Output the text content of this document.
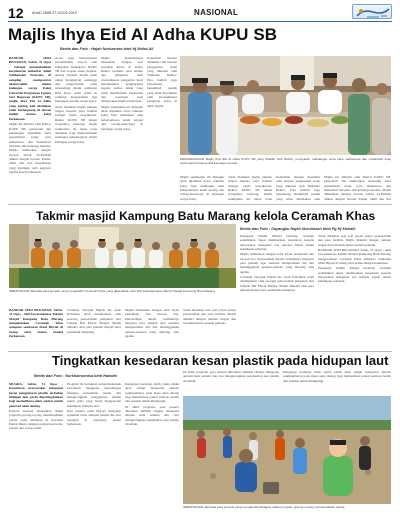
12 AHAD 18HB 27 OGOS 2019	NASIONAL
Majlis Ihya Eid Al Adha KUPU SB
Berita dan Foto : Hajah Norhazrina binti Hj Mohd Ali

BANDAR SERI BEGAWAN, Sabtu, 31 Ogos - Sebagai menambahkan kesyukuran kehadrat Allah Subhanahu Wata'ala, di samping mempererat silaturrahim dalam kalangan warga Kolej Universiti Perguruan Ugama Seri Begawan (KUPU SB), majlis Ihya Eid Al Adha yang julung kali diadakan telah berlangsung di dewan kuliah utama kolej berkenaan.

Majlis ini dihadiri oleh Rektor KUPU SB, pensyarah dan kakitangan akademik serta pentadbiran kolej, para mahasiswa dan mahasiswi bersama ahli keluarga mereka. Majlis dimulakan dengan bacaan Surah Al-Fatihah diikuti dengan bacaan Yassin, tahlil dan doa kesyukuran yang dipimpin oleh pegawai ugama kolej berkenaan.

Acara juga menyaksikan persembahan nasyid oleh kumpulan mahasiswa KUPU SB dan ucapan aluan ringkas. Antara objektif majlis ialah untuk menghayati semangat dan pengorbanan yang terkandung dalam sambutan Hari Raya Aidil Adha di samping mengeratkan lagi hubungan sesama warga kolej.

Turut diadakan majlis jamuan ringan kepada para hadirin sebagai tanda kesyukuran. Rektor KUPU SB dalam ucapannya berharap majlis seumpama ini dapat terus diadakan bagi memperkukuh semangat kekeluargaan dalam kalangan warga kolej.

Majlis kemudiannya diteruskan dengan sesi beramah mesra di antara Rektor bersama para tetamu dan jemputan. Ahli jawatankuasa penganjur turut merakamkan penghargaan kepada semua pihak yang telah memberikan kerjasama dan sokongan bagi menjayakan majlis berkenaan.

Majlis seumpama ini dijangka akan dijadikan acara tahunan kolej bagi memupuk nilai kebersamaan, kasih sayang dan tolong-menolong di kalangan warga kolej.

Kehadiran mereka disambut oleh barisan pengurusan kolej yang diketuai oleh Timbalan Rektor. Para hadirin juga berpeluang menikmati juadah yang telah disediakan oleh jawatankuasa kebajikan kolej di akhir majlis.

PEMANDANGAN Majlis Ihya Eid Al Adha KUPU SB yang dihadiri oleh Rektor, pensyarah, kakitangan serta para mahasiswa dan mahasiswi kolej berkenaan bersama ahli keluarga mereka.

Majlis seumpama ini dijangka akan dijadikan acara tahunan kolej bagi memupuk nilai kebersamaan, kasih sayang dan tolong-menolong di kalangan warga kolej.

Turut diadakan majlis jamuan ringan kepada para hadirin sebagai tanda kesyukuran. Rektor KUPU SB dalam ucapannya berharap majlis seumpama ini dapat terus

Kehadiran mereka disambut oleh barisan pengurusan kolej yang diketuai oleh Timbalan Rektor. Para hadirin juga berpeluang menikmati juadah yang telah disediakan oleh

Majlis ini dihadiri oleh Rektor KUPU SB, pensyarah dan kakitangan akademik serta pentadbiran kolej, para mahasiswa dan mahasiswi bersama ahli keluarga mereka. Majlis dimulakan dengan bacaan Surah Al-Fatihah diikuti dengan bacaan Yassin, tahlil dan doa

Takmir masjid Kampung Batu Marang kelola Ceramah Khas
Berita dan Foto : Dayangku Hajah Nurulnisah binti Pg Hj Mahalil
SEBAHAGIAN daripada para jemaah yang menghadiri Ceramah Khas yang dikelolakan oleh Ahli Jawatankuasa Takmir Masjid Kampung Batu Marang.

BANDAR SERI BEGAWAN, Sabtu, 31 Ogos - Ahli Jawatankuasa Takmir Masjid Kampung Batu Marang mengelolakan Ceramah Khas sempena sambutan Maal Hijrah di ruang solat utama masjid berkenaan.

Ceramah bertajuk Hijrah Ke Arah Kebaikan telah disampaikan oleh seorang penceramah jemputan dari Jabatan Hal Ehwal Masjid. Majlis dihadiri oleh para jemaah masjid serta penduduk kampung.

Majlis dimulakan dengan solat Isyak berjemaah dan bacaan doa. Penceramah dalam ceramahnya menyeru para jemaah agar sentiasa memperbaiki diri dan meninggalkan perkara-perkara yang dilarang oleh agama.

Turut diadakan sesi soal jawab antara penceramah dan para hadirin. Majlis diakhiri dengan jamuan ringan dan beramah mesra sesama jemaah.

Pengerusi Takmir Masjid berharap ceramah sedemikian dapat memberikan kesedaran kepada masyarakat mengenai erti sebenar hijrah dalam kehidupan seharian.

Majlis dimulakan dengan solat Isyak berjemaah dan bacaan doa. Penceramah dalam ceramahnya menyeru para jemaah agar sentiasa memperbaiki diri dan meninggalkan perkara-perkara yang dilarang oleh agama.

Ceramah bertajuk Hijrah Ke Arah Kebaikan telah disampaikan oleh seorang penceramah jemputan dari Jabatan Hal Ehwal Masjid. Majlis dihadiri oleh para jemaah masjid serta penduduk kampung.

Turut diadakan sesi soal jawab antara penceramah dan para hadirin. Majlis diakhiri dengan jamuan ringan dan beramah mesra sesama jemaah.

BANDAR SERI BEGAWAN, Sabtu, 31 Ogos - Ahli Jawatankuasa Takmir Masjid Kampung Batu Marang mengelolakan Ceramah Khas sempena sambutan Maal Hijrah di ruang solat utama masjid berkenaan.

Pengerusi Takmir Masjid berharap ceramah sedemikian dapat memberikan kesedaran kepada masyarakat mengenai erti sebenar hijrah dalam kehidupan seharian.

Tingkatkan kesedaran kesan plastik pada hidupan laut
Berita dan Foto : Nurkhairunnisa binti Hamdin

MUARA, Sabtu, 31 Ogos - Kesedaran masyarakat mengenai kesan penggunaan plastik terhadap hidupan laut perlu dipertingkatkan bagi memelihara alam sekitar untuk generasi akan datang.

Perkara tersebut ditekankan dalam program gotong-royong membersihkan pantai yang diadakan di kawasan Pantai Muara dengan penyertaan belia, pelajar dan orang ramai.

Program ini bertujuan untuk memupuk kesedaran mengenai kepentingan menjaga kebersihan pantai dan mengurangkan penggunaan plastik sekali guna yang boleh mengancam kehidupan hidupan laut.

Para peserta telah berjaya mengutip sejumlah besar sampah plastik dan sisa buangan di sepanjang pantai berkenaan.

Penganjur berharap lebih ramai pihak akan tampil menyertai aktiviti seumpamanya pada masa akan datang bagi memastikan pantai sentiasa bersih dan selamat untuk dikunjungi.

Di akhir program, para peserta diberikan taklimat ringkas mengenai amalan kitar semula dan cara mengurangkan penghasilan sisa plastik di rumah.

Di akhir program, para peserta diberikan taklimat ringkas mengenai amalan kitar semula dan cara mengurangkan penghasilan sisa plastik di rumah.

Penganjur berharap lebih ramai pihak akan tampil menyertai aktiviti seumpamanya pada masa akan datang bagi memastikan pantai sentiasa bersih dan selamat untuk dikunjungi.

SEBAHAGIAN daripada para peserta yang mengambil bahagian dalam program gotong-royong membersihkan pantai.
